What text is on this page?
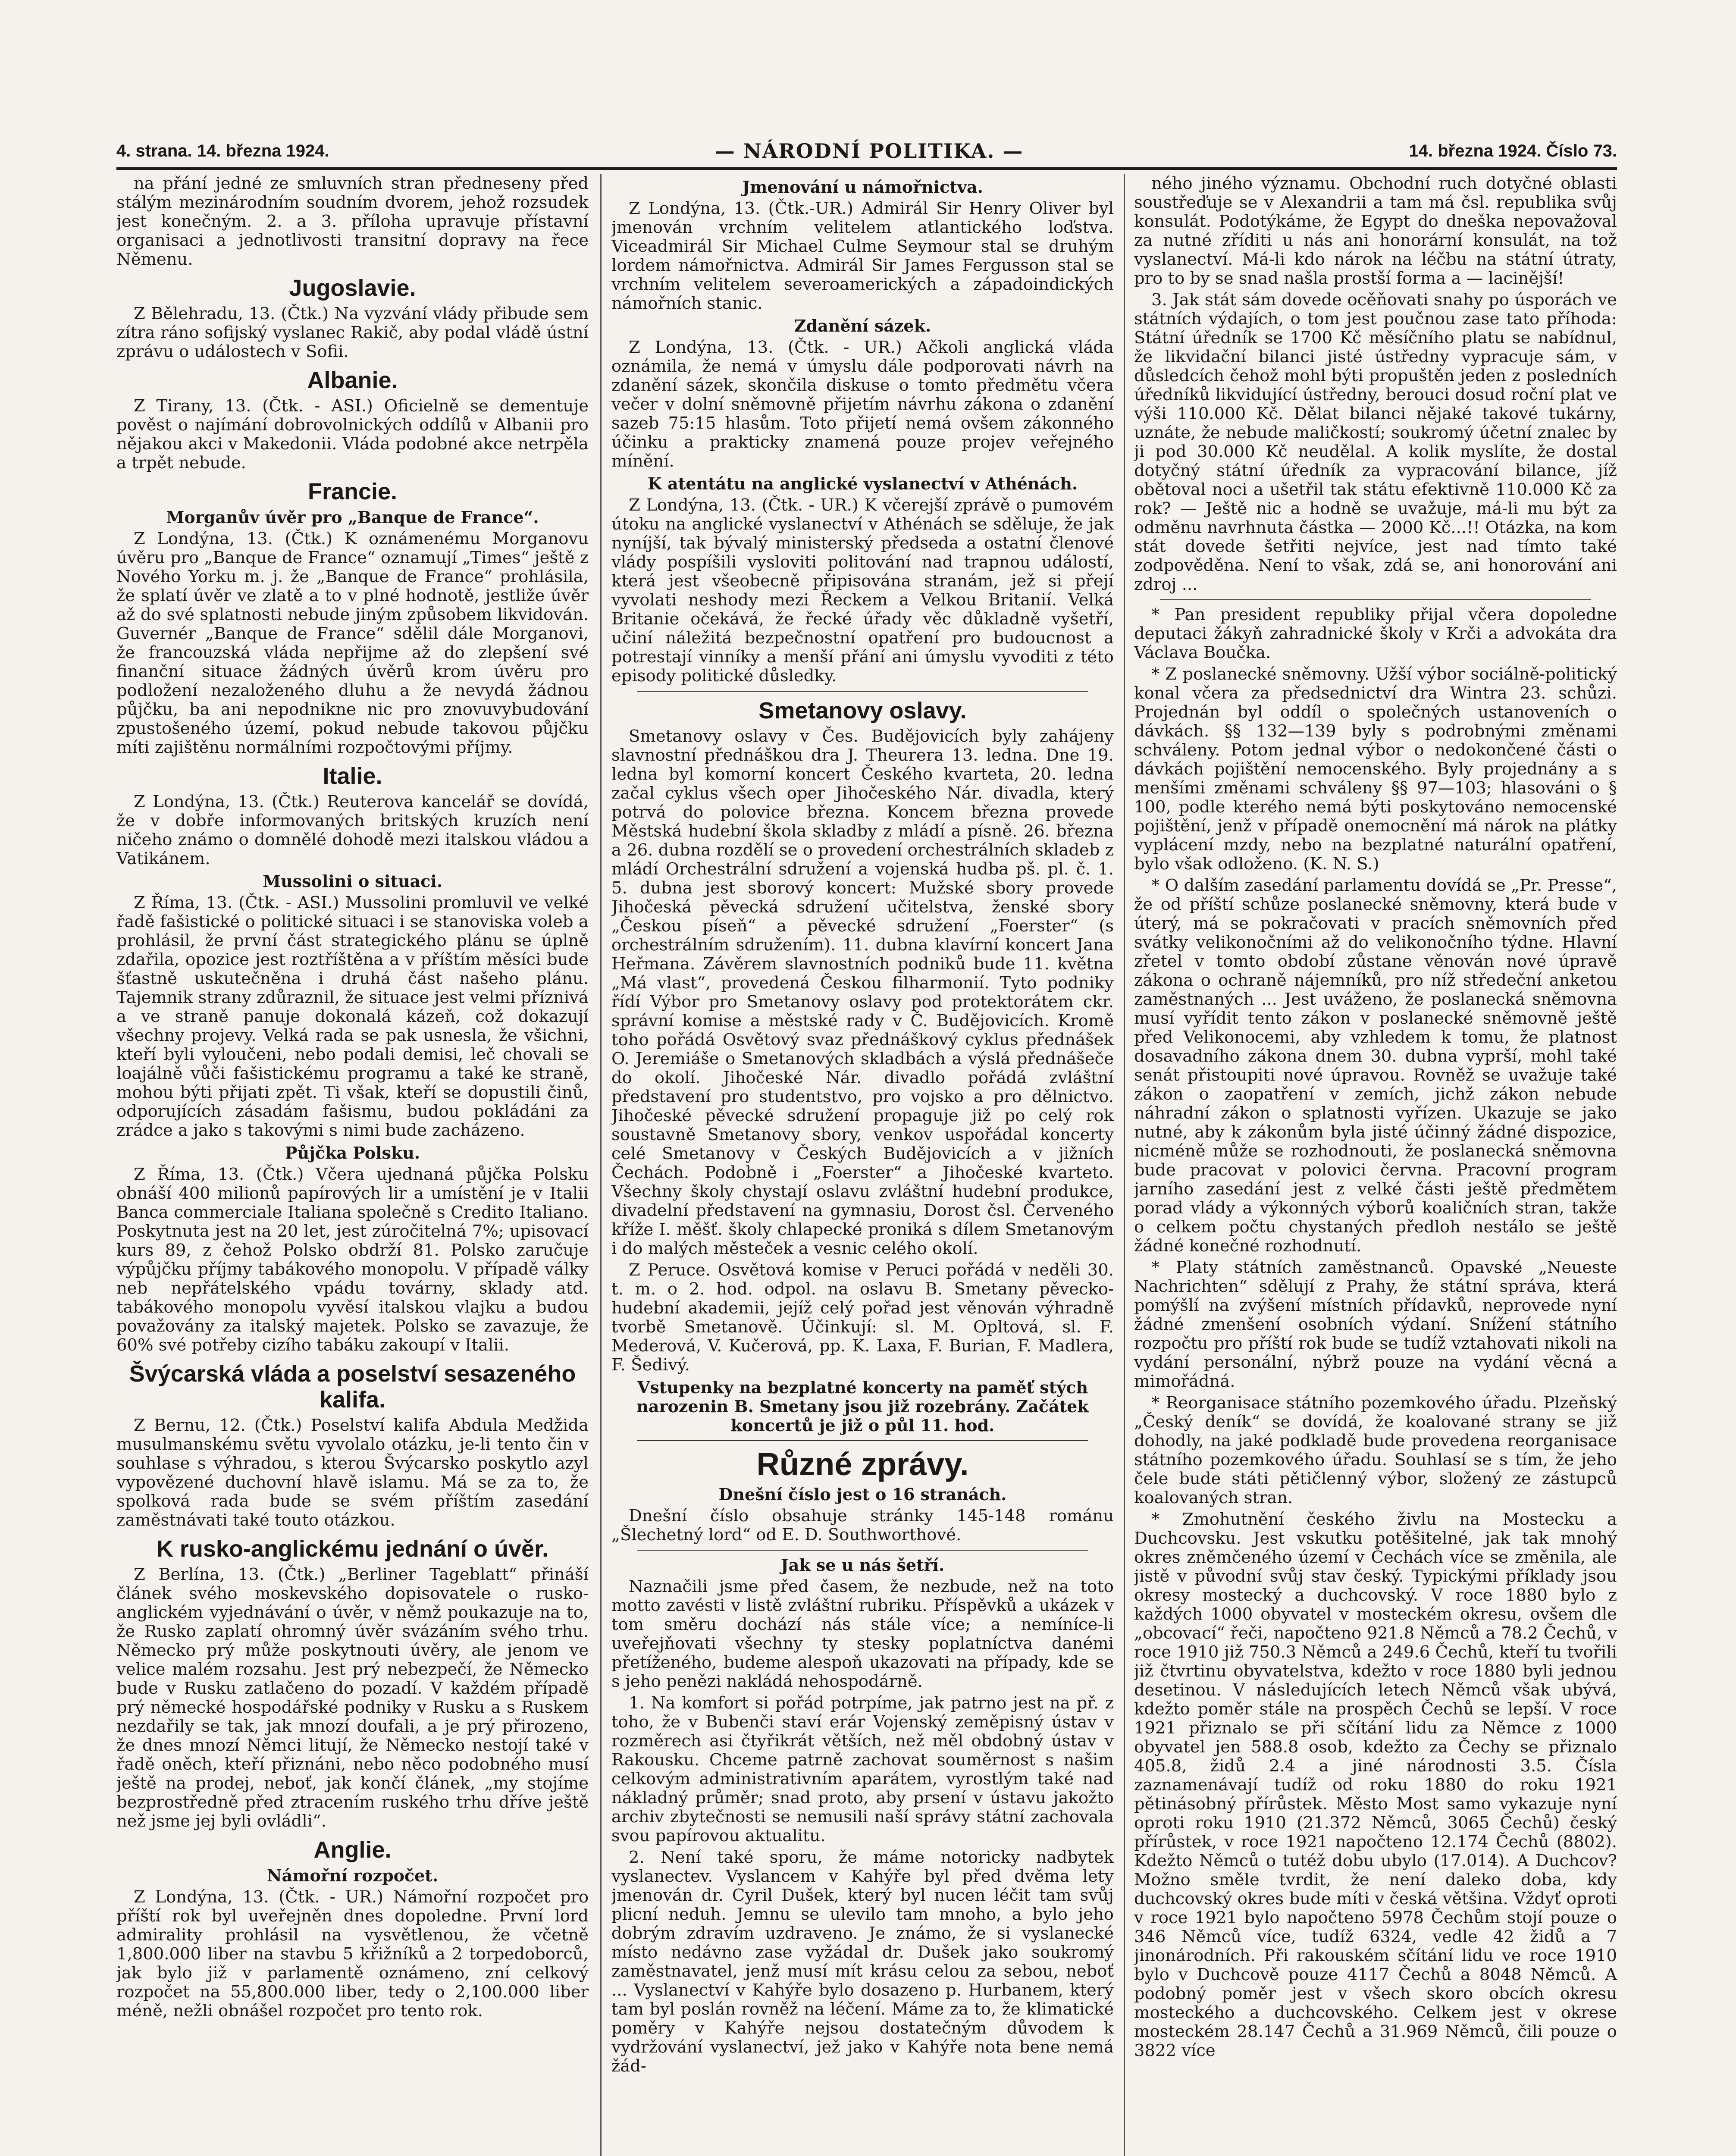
4. strana. 14. března 1924.	— NÁRODNÍ POLITIKA. —	14. března 1924. Číslo 73.

na přání jedné ze smluvních stran předneseny před stálým mezinárodním soudním dvorem, jehož rozsudek jest konečným. 2. a 3. příloha upravuje přístavní organisaci a jednotlivosti transitní dopravy na řece Němenu.

Jugoslavie.

Z Bělehradu, 13. (Čtk.) Na vyzvání vlády přibude sem zítra ráno sofijský vyslanec Rakič, aby podal vládě ústní zprávu o událostech v Sofii.

Albanie.

Z Tirany, 13. (Čtk. - ASI.) Oficielně se dementuje pověst o najímání dobrovolnických oddílů v Albanii pro nějakou akci v Makedonii. Vláda podobné akce netrpěla a trpět nebude.

Francie.
Morganův úvěr pro „Banque de France“.

Z Londýna, 13. (Čtk.) K oznámenému Morganovu úvěru pro „Banque de France“ oznamují „Times“ ještě z Nového Yorku m. j. že „Banque de France“ prohlásila, že splatí úvěr ve zlatě a to v plné hodnotě, jestliže úvěr až do své splatnosti nebude jiným způsobem likvidován. Guvernér „Banque de France“ sdělil dále Morganovi, že francouzská vláda nepřijme až do zlepšení své finanční situace žádných úvěrů krom úvěru pro podložení nezaloženého dluhu a že nevydá žádnou půjčku, ba ani nepodnikne nic pro znovuvybudování zpustošeného území, pokud nebude takovou půjčku míti zajištěnu normálními rozpočtovými příjmy.

Italie.

Z Londýna, 13. (Čtk.) Reuterova kancelář se dovídá, že v dobře informovaných britských kruzích není ničeho známo o domnělé dohodě mezi italskou vládou a Vatikánem.

Mussolini o situaci.

Z Říma, 13. (Čtk. - ASI.) Mussolini promluvil ve velké řadě fašistické o politické situaci i se stanoviska voleb a prohlásil, že první část strategického plánu se úplně zdařila, opozice jest roztříštěna a v příštím měsíci bude šťastně uskutečněna i druhá část našeho plánu. Tajemnik strany zdůraznil, že situace jest velmi příznivá a ve straně panuje dokonalá kázeň, což dokazují všechny projevy. Velká rada se pak usnesla, že všichni, kteří byli vyloučeni, nebo podali demisi, leč chovali se loajálně vůči fašistickému programu a také ke straně, mohou býti přijati zpět. Ti však, kteří se dopustili činů, odporujících zásadám fašismu, budou pokládáni za zrádce a jako s takovými s nimi bude zacházeno.

Půjčka Polsku.

Z Říma, 13. (Čtk.) Včera ujednaná půjčka Polsku obnáší 400 milionů papírových lir a umístění je v Italii Banca commerciale Italiana společně s Credito Italiano. Poskytnuta jest na 20 let, jest zúročitelná 7%; upisovací kurs 89, z čehož Polsko obdrží 81. Polsko zaručuje výpůjčku příjmy tabákového monopolu. V případě války neb nepřátelského vpádu továrny, sklady atd. tabákového monopolu vyvěsí italskou vlajku a budou považovány za italský majetek. Polsko se zavazuje, že 60% své potřeby cizího tabáku zakoupí v Italii.

Švýcarská vláda a poselství sesazeného kalifa.

Z Bernu, 12. (Čtk.) Poselství kalifa Abdula Medžida musulmanskému světu vyvolalo otázku, je-li tento čin v souhlase s výhradou, s kterou Švýcarsko poskytlo azyl vypovězené duchovní hlavě islamu. Má se za to, že spolková rada bude se svém příštím zasedání zaměstnávati také touto otázkou.

K rusko-anglickému jednání o úvěr.

Z Berlína, 13. (Čtk.) „Berliner Tageblatt“ přináší článek svého moskevského dopisovatele o rusko-anglickém vyjednávání o úvěr, v němž poukazuje na to, že Rusko zaplatí ohromný úvěr svázáním svého trhu. Německo prý může poskytnouti úvěry, ale jenom ve velice malém rozsahu. Jest prý nebezpečí, že Německo bude v Rusku zatlačeno do pozadí. V každém případě prý německé hospodářské podniky v Rusku a s Ruskem nezdařily se tak, jak mnozí doufali, a je prý přirozeno, že dnes mnozí Němci litují, že Německo nestojí také v řadě oněch, kteří přiznáni, nebo něco podobného musí ještě na prodej, neboť, jak končí článek, „my stojíme bezprostředně před ztracením ruského trhu dříve ještě než jsme jej byli ovládli“.

Anglie.
Námořní rozpočet.

Z Londýna, 13. (Čtk. - UR.) Námořní rozpočet pro příští rok byl uveřejněn dnes dopoledne. První lord admirality prohlásil na vysvětlenou, že včetně 1,800.000 liber na stavbu 5 křižníků a 2 torpedoborců, jak bylo již v parlamentě oznámeno, zní celkový rozpočet na 55,800.000 liber, tedy o 2,100.000 liber méně, nežli obnášel rozpočet pro tento rok.

Jmenování u námořnictva.

Z Londýna, 13. (Čtk.-UR.) Admirál Sir Henry Oliver byl jmenován vrchním velitelem atlantického loďstva. Viceadmirál Sir Michael Culme Seymour stal se druhým lordem námořnictva. Admirál Sir James Fergusson stal se vrchním velitelem severoamerických a západoindických námořních stanic.

Zdanění sázek.

Z Londýna, 13. (Čtk. - UR.) Ačkoli anglická vláda oznámila, že nemá v úmyslu dále podporovati návrh na zdanění sázek, skončila diskuse o tomto předmětu včera večer v dolní sněmovně přijetím návrhu zákona o zdanění sazeb 75:15 hlasům. Toto přijetí nemá ovšem zákonného účinku a prakticky znamená pouze projev veřejného mínění.

K atentátu na anglické vyslanectví v Athénách.

Z Londýna, 13. (Čtk. - UR.) K včerejší zprávě o pumovém útoku na anglické vyslanectví v Athénách se sděluje, že jak nyníjší, tak bývalý ministerský předseda a ostatní členové vlády pospíšili vysloviti politování nad trapnou událostí, která jest všeobecně připisována stranám, jež si přejí vyvolati neshody mezi Řeckem a Velkou Britanií. Velká Britanie očekává, že řecké úřady věc důkladně vyšetří, učiní náležitá bezpečnostní opatření pro budoucnost a potrestají vinníky a menší přání ani úmyslu vyvoditi z této episody politické důsledky.

Smetanovy oslavy.

Smetanovy oslavy v Čes. Budějovicích byly zahájeny slavnostní přednáškou dra J. Theurera 13. ledna. Dne 19. ledna byl komorní koncert Českého kvarteta, 20. ledna začal cyklus všech oper Jihočeského Nár. divadla, který potrvá do polovice března. Koncem března provede Městská hudební škola skladby z mládí a písně. 26. března a 26. dubna rozdělí se o provedení orchestrálních skladeb z mládí Orchestrální sdružení a vojenská hudba pš. pl. č. 1. 5. dubna jest sborový koncert: Mužské sbory provede Jihočeská pěvecká sdružení učitelstva, ženské sbory „Českou píseň“ a pěvecké sdružení „Foerster“ (s orchestrálním sdružením). 11. dubna klavírní koncert Jana Heřmana. Závěrem slavnostních podniků bude 11. května „Má vlast“, provedená Českou filharmonií. Tyto podniky řídí Výbor pro Smetanovy oslavy pod protektorátem ckr. správní komise a městské rady v Č. Budějovicích. Kromě toho pořádá Osvětový svaz přednáškový cyklus přednášek O. Jeremiáše o Smetanových skladbách a výslá přednášeče do okolí. Jihočeské Nár. divadlo pořádá zvláštní představení pro studentstvo, pro vojsko a pro dělnictvo. Jihočeské pěvecké sdružení propaguje již po celý rok soustavně Smetanovy sbory, venkov uspořádal koncerty celé Smetanovy v Českých Budějovicích a v jižních Čechách. Podobně i „Foerster“ a Jihočeské kvarteto. Všechny školy chystají oslavu zvláštní hudební produkce, divadelní představení na gymnasiu, Dorost čsl. Červeného kříže I. měšť. školy chlapecké proniká s dílem Smetanovým i do malých městeček a vesnic celého okolí.

Z Peruce. Osvětová komise v Peruci pořádá v neděli 30. t. m. o 2. hod. odpol. na oslavu B. Smetany pěvecko-hudební akademii, jejíž celý pořad jest věnován výhradně tvorbě Smetanově. Účinkují: sl. M. Opltová, sl. F. Mederová, V. Kučerová, pp. K. Laxa, F. Burian, F. Madlera, F. Šedivý.

Vstupenky na bezplatné koncerty na paměť stých narozenin B. Smetany jsou již rozebrány. Začátek koncertů je již o půl 11. hod.
Různé zprávy.
Dnešní číslo jest o 16 stranách.

Dnešní číslo obsahuje stránky 145-148 románu „Šlechetný lord“ od E. D. Southworthové.

Jak se u nás šetří.

Naznačili jsme před časem, že nezbude, než na toto motto zavésti v listě zvláštní rubriku. Příspěvků a ukázek v tom směru dochází nás stále více; a nemíníce-li uveřejňovati všechny ty stesky poplatníctva danémi přetíženého, budeme alespoň ukazovati na případy, kde se s jeho penězi nakládá nehospodárně.

1. Na komfort si pořád potrpíme, jak patrno jest na př. z toho, že v Bubenči staví erár Vojenský zeměpisný ústav v rozměrech asi čtyřikrát větších, než měl obdobný ústav v Rakousku. Chceme patrně zachovat souměrnost s našim celkovým administrativním aparátem, vyrostlým také nad nákladný průměr; snad proto, aby prsení v ústavu jakožto archiv zbytečnosti se nemusili naší správy státní zachovala svou papírovou aktualitu.

2. Není také sporu, že máme notoricky nadbytek vyslanectev. Vyslancem v Kahýře byl před dvěma lety jmenován dr. Cyril Dušek, který byl nucen léčit tam svůj plicní neduh. Jemnu se ulevilo tam mnoho, a bylo jeho dobrým zdravím uzdraveno. Je známo, že si vyslanecké místo nedávno zase vyžádal dr. Dušek jako soukromý zaměstnavatel, jenž musí mít krásu celou za sebou, neboť ... Vyslanectví v Kahýře bylo dosazeno p. Hurbanem, který tam byl poslán rovněž na léčení. Máme za to, že klimatické poměry v Kahýře nejsou dostatečným důvodem k vydržování vyslanectví, jež jako v Kahýře nota bene nemá žád-

ného jiného významu. Obchodní ruch dotyčné oblasti soustřeďuje se v Alexandrii a tam má čsl. republika svůj konsulát. Podotýkáme, že Egypt do dneška nepovažoval za nutné zříditi u nás ani honorární konsulát, na tož vyslanectví. Má-li kdo nárok na léčbu na státní útraty, pro to by se snad našla prostší forma a — lacinější!

3. Jak stát sám dovede ocěňovati snahy po úsporách ve státních výdajích, o tom jest poučnou zase tato příhoda: Státní úředník se 1700 Kč měsíčního platu se nabídnul, že likvidační bilanci jisté ústředny vypracuje sám, v důsledcích čehož mohl býti propuštěn jeden z posledních úředníků likvidující ústředny, berouci dosud roční plat ve výši 110.000 Kč. Dělat bilanci nějaké takové tukárny, uznáte, že nebude maličkostí; soukromý účetní znalec by ji pod 30.000 Kč neudělal. A kolik myslíte, že dostal dotyčný státní úředník za vypracování bilance, jíž obětoval noci a ušetřil tak státu efektivně 110.000 Kč za rok? — Ještě nic a hodně se uvažuje, má-li mu být za odměnu navrhnuta částka — 2000 Kč...!! Otázka, na kom stát dovede šetřiti nejvíce, jest nad tímto také zodpověděna. Není to však, zdá se, ani honorování ani zdroj ...

* Pan president republiky přijal včera dopoledne deputaci žákyň zahradnické školy v Krči a advokáta dra Václava Boučka.

* Z poslanecké sněmovny. Užší výbor sociálně-politický konal včera za předsednictví dra Wintra 23. schůzi. Projednán byl oddíl o společných ustanoveních o dávkách. §§ 132—139 byly s podrobnými změnami schváleny. Potom jednal výbor o nedokončené části o dávkách pojištění nemocenského. Byly projednány a s menšími změnami schváleny §§ 97—103; hlasováni o § 100, podle kterého nemá býti poskytováno nemocenské pojištění, jenž v případě onemocnění má nárok na plátky vyplácení mzdy, nebo na bezplatné naturální opatření, bylo však odloženo. (K. N. S.)

* O dalším zasedání parlamentu dovídá se „Pr. Presse“, že od příští schůze poslanecké sněmovny, která bude v úterý, má se pokračovati v pracích sněmovních před svátky velikonočními až do velikonočního týdne. Hlavní zřetel v tomto období zůstane věnován nové úpravě zákona o ochraně nájemníků, pro níž středeční anketou zaměstnaných ... Jest uváženo, že poslanecká sněmovna musí vyřídit tento zákon v poslanecké sněmovně ještě před Velikonocemi, aby vzhledem k tomu, že platnost dosavadního zákona dnem 30. dubna vyprší, mohl také senát přistoupiti nové úpravou. Rovněž se uvažuje také zákon o zaopatření v zemích, jichž zákon nebude náhradní zákon o splatnosti vyřízen. Ukazuje se jako nutné, aby k zákonům byla jisté účinný žádné dispozice, nicméně může se rozhodnouti, že poslanecká sněmovna bude pracovat v polovici června. Pracovní program jarního zasedání jest z velké části ještě předmětem porad vlády a výkonných výborů koaličních stran, takže o celkem počtu chystaných předloh nestálo se ještě žádné konečné rozhodnutí.

* Platy státních zaměstnanců. Opavské „Neueste Nachrichten“ sdělují z Prahy, že státní správa, která pomýšlí na zvýšení místních přídavků, neprovede nyní žádné zmenšení osobních výdaní. Snížení státního rozpočtu pro příští rok bude se tudíž vztahovati nikoli na vydání personální, nýbrž pouze na vydání věcná a mimořádná.

* Reorganisace státního pozemkového úřadu. Plzeňský „Český deník“ se dovídá, že koalované strany se již dohodly, na jaké podkladě bude provedena reorganisace státního pozemkového úřadu. Souhlasí se s tím, že jeho čele bude státi pětičlenný výbor, složený ze zástupců koalovaných stran.

* Zmohutnění českého živlu na Mostecku a Duchcovsku. Jest vskutku potěšitelné, jak tak mnohý okres zněmčeného území v Čechách více se změnila, ale jistě v původní svůj stav český. Typickými příklady jsou okresy mostecký a duchcovský. V roce 1880 bylo z každých 1000 obyvatel v mosteckém okresu, ovšem dle „obcovací“ řeči, napočteno 921.8 Němců a 78.2 Čechů, v roce 1910 již 750.3 Němců a 249.6 Čechů, kteří tu tvořili již čtvrtinu obyvatelstva, kdežto v roce 1880 byli jednou desetinou. V následujících letech Němců však ubývá, kdežto poměr stále na prospěch Čechů se lepší. V roce 1921 přiznalo se při sčítání lidu za Němce z 1000 obyvatel jen 588.8 osob, kdežto za Čechy se přiznalo 405.8, židů 2.4 a jiné národnosti 3.5. Čísla zaznamenávají tudíž od roku 1880 do roku 1921 pětinásobný přírůstek. Město Most samo vykazuje nyní oproti roku 1910 (21.372 Němců, 3065 Čechů) český přírůstek, v roce 1921 napočteno 12.174 Čechů (8802). Kdežto Němců o tutéž dobu ubylo (17.014). A Duchcov? Možno směle tvrdit, že není daleko doba, kdy duchcovský okres bude míti v česká většina. Vždyť oproti v roce 1921 bylo napočteno 5978 Čechům stojí pouze o 346 Němců více, tudíž 6324, vedle 42 židů a 7 jinonárodních. Při rakouském sčítání lidu ve roce 1910 bylo v Duchcově pouze 4117 Čechů a 8048 Němců. A podobný poměr jest v všech skoro obcích okresu mosteckého a duchcovského. Celkem jest v okrese mosteckém 28.147 Čechů a 31.969 Němců, čili pouze o 3822 více
